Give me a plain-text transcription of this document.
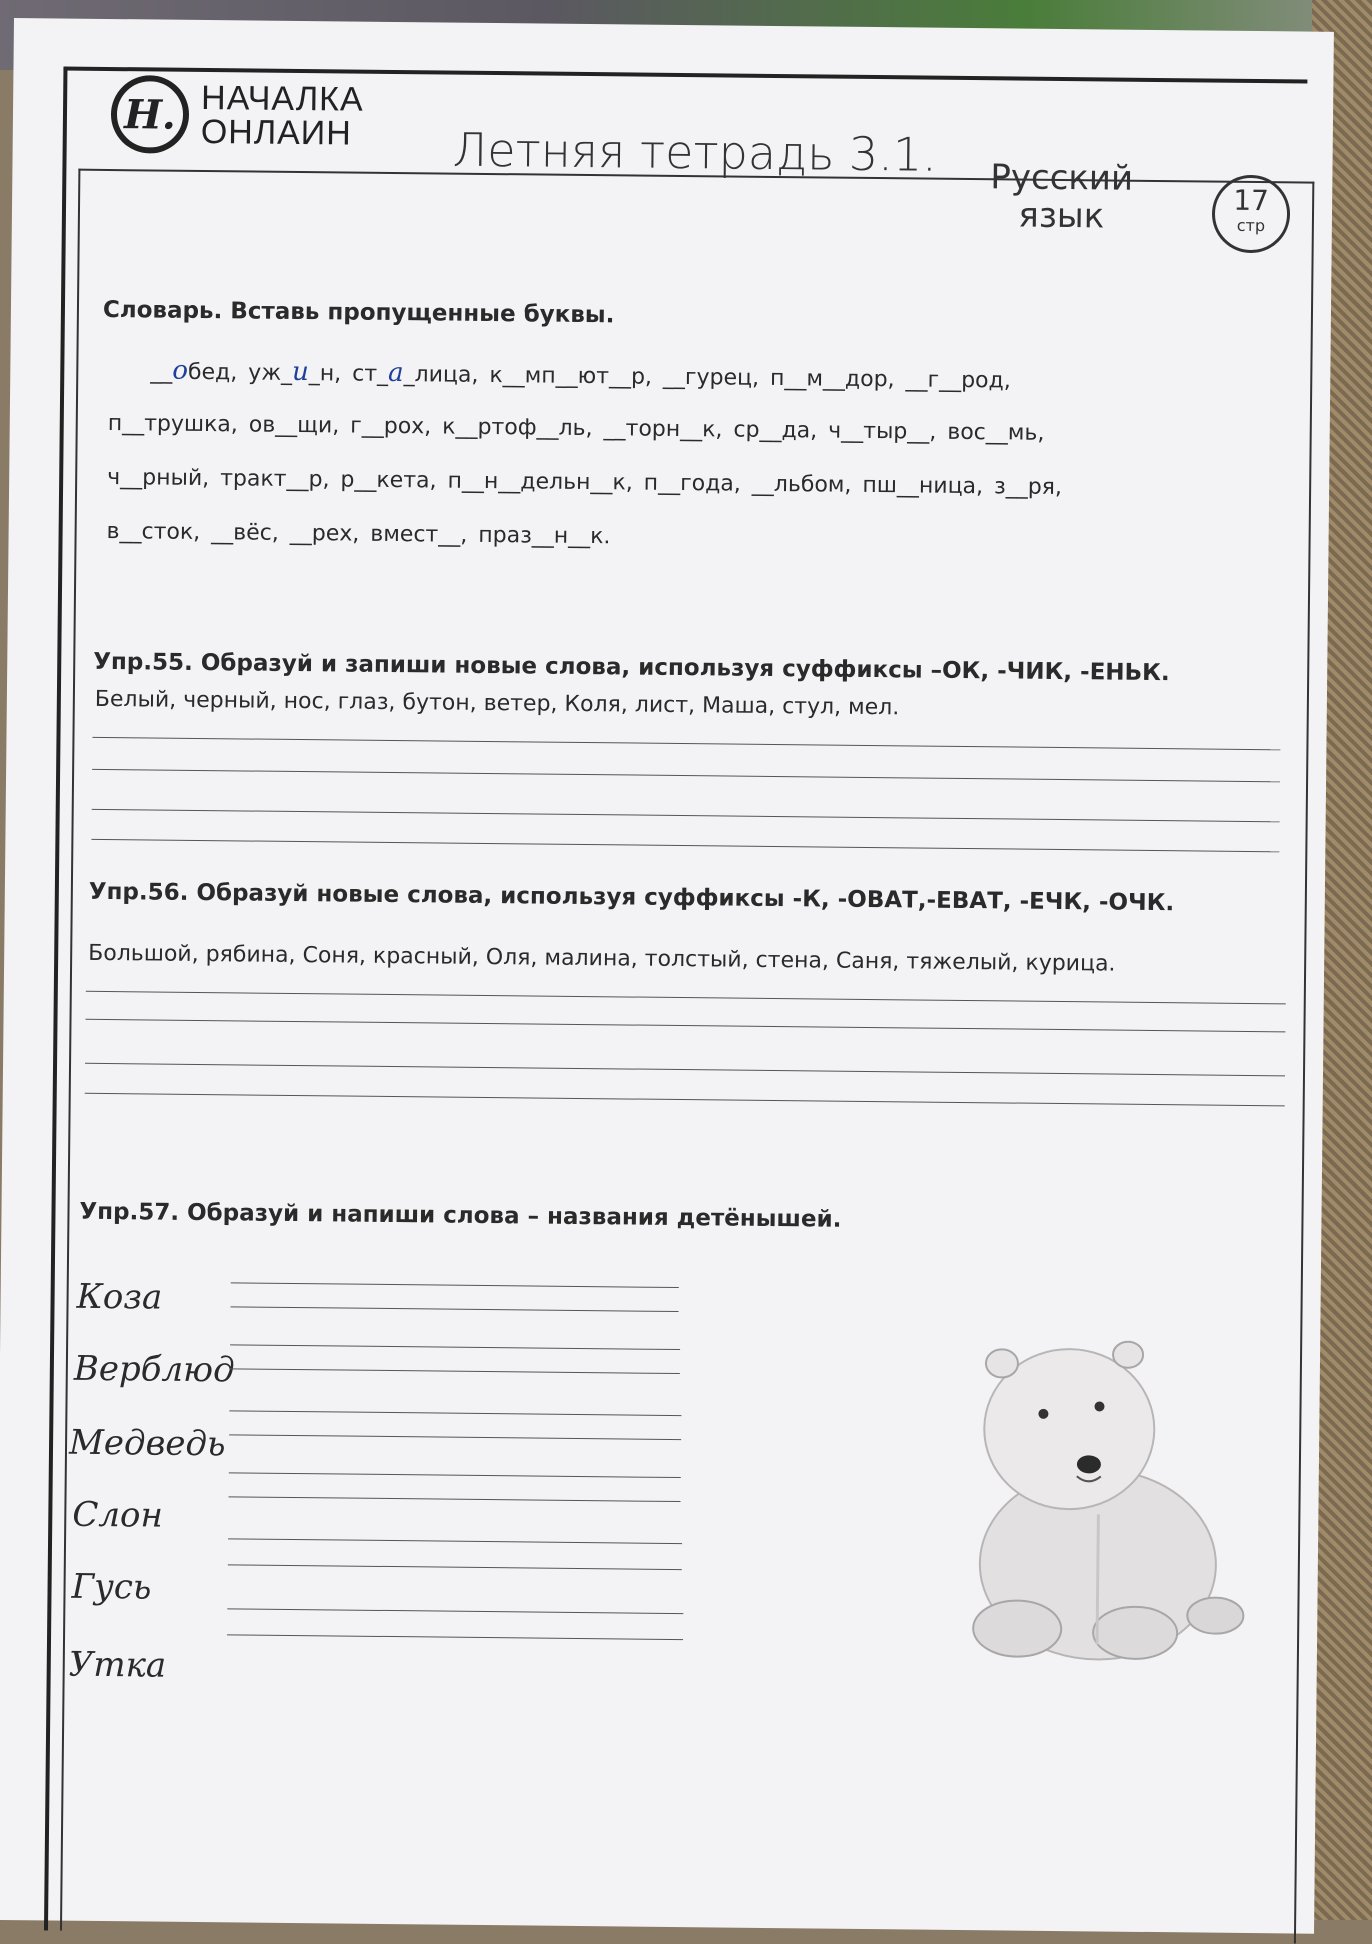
Н. НАЧАЛКА
ОНЛАИН Летняя тетрадь 3.1. Русский
язык	17
стр
Словарь. Вставь пропущенные буквы.
__обед, уж_и_н, ст_а_лица, к__мп__ют__р, __гурец, п__м__дор, __г__род,
п__трушка, ов__щи, г__рох, к__ртоф__ль, __торн__к, ср__да, ч__тыр__, вос__мь,
ч__рный, тракт__р, р__кета, п__н__дельн__к, п__года, __льбом, пш__ница, з__ря,
в__сток, __вёс, __рех, вмест__, праз__н__к.
Упр.55. Образуй и запиши новые слова, используя суффиксы –ОК, -ЧИК, -ЕНЬК.
Белый, черный, нос, глаз, бутон, ветер, Коля, лист, Маша, стул, мел.
Упр.56. Образуй новые слова, используя суффиксы -К, -ОВАТ,-ЕВАТ, -ЕЧК, -ОЧК.
Большой, рябина, Соня, красный, Оля, малина, толстый, стена, Саня, тяжелый, курица.
Упр.57. Образуй и напиши слова – названия детёнышей.
Коза
Верблюд
Медведь
Слон
Гусь
Утка
